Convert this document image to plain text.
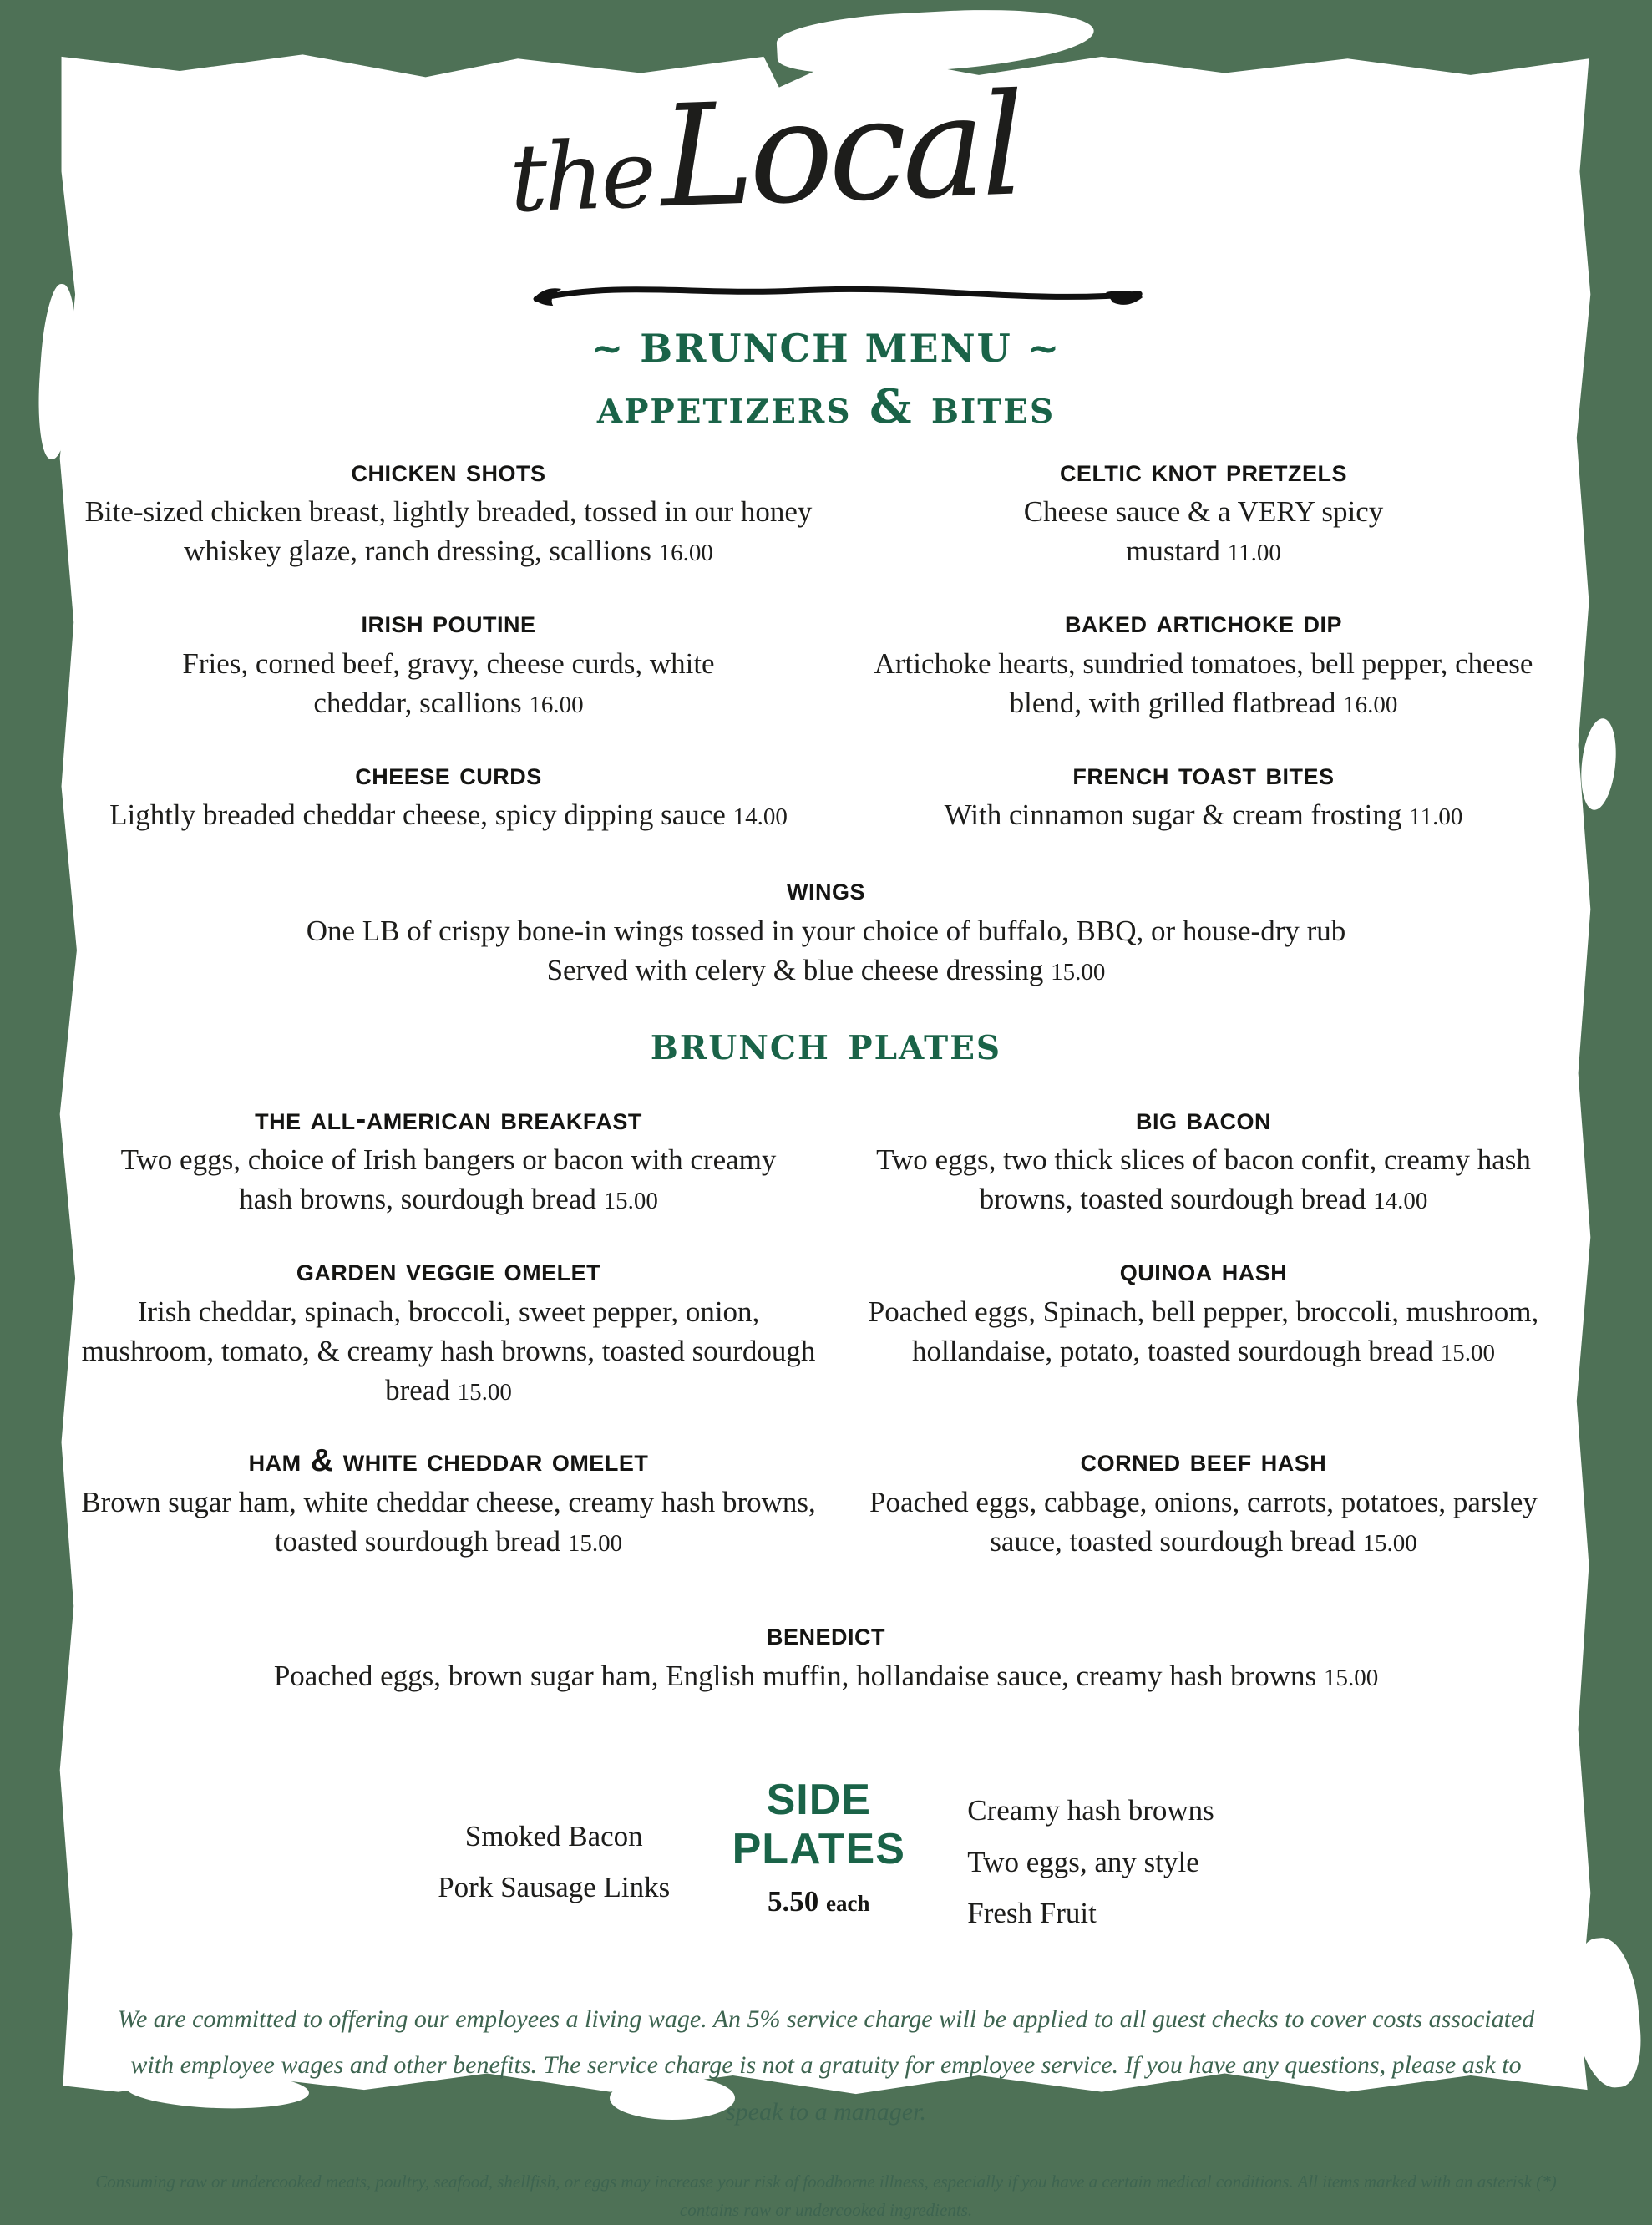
theLocal
~ BRUNCH MENU ~
appetizers & bites
chicken shots

Bite-sized chicken breast, lightly breaded, tossed in our honey whiskey glaze, ranch dressing, scallions 16.00

celtic knot pretzels

Cheese sauce & a VERY spicy mustard 11.00

irish poutine

Fries, corned beef, gravy, cheese curds, white cheddar, scallions 16.00

baked artichoke dip

Artichoke hearts, sundried tomatoes, bell pepper, cheese blend, with grilled flatbread 16.00

cheese curds

Lightly breaded cheddar cheese, spicy dipping sauce 14.00

french toast bites

With cinnamon sugar & cream frosting 11.00

wings

One LB of crispy bone-in wings tossed in your choice of buffalo, BBQ, or house-dry rub
Served with celery & blue cheese dressing 15.00

brunch plates
the all-american breakfast

Two eggs, choice of Irish bangers or bacon with creamy hash browns, sourdough bread 15.00

big bacon

Two eggs, two thick slices of bacon confit, creamy hash browns, toasted sourdough bread 14.00

garden veggie omelet

Irish cheddar, spinach, broccoli, sweet pepper, onion, mushroom, tomato, & creamy hash browns, toasted sourdough bread 15.00

quinoa hash

Poached eggs, Spinach, bell pepper, broccoli, mushroom, hollandaise, potato, toasted sourdough bread 15.00

ham & white cheddar omelet

Brown sugar ham, white cheddar cheese, creamy hash browns, toasted sourdough bread 15.00

corned beef hash

Poached eggs, cabbage, onions, carrots, potatoes, parsley sauce, toasted sourdough bread 15.00

benedict

Poached eggs, brown sugar ham, English muffin, hollandaise sauce, creamy hash browns 15.00

Smoked Bacon

Pork Sausage Links

SIDE PLATES

5.50 each

Creamy hash browns

Two eggs, any style

Fresh Fruit

We are committed to offering our employees a living wage. An 5% service charge will be applied to all guest checks to cover costs associated with employee wages and other benefits. The service charge is not a gratuity for employee service. If you have any questions, please ask to speak to a manager.

Consuming raw or undercooked meats, poultry, seafood, shellfish, or eggs may increase your risk of foodborne illness, especially if you have a certain medical conditions. All items marked with an asterisk (*) contains raw or undercooked ingredients.
